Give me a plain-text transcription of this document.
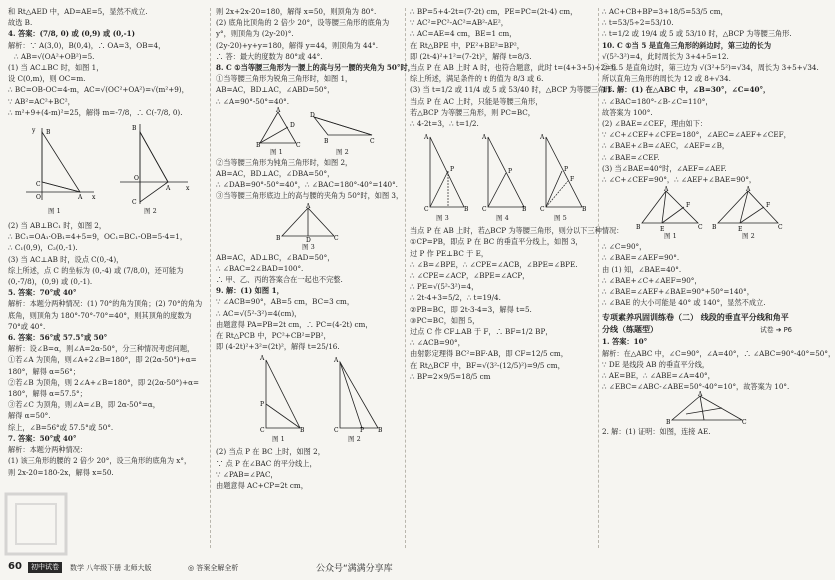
和 Rt△AED 中，AD=AE=5，显然不成立.
故选 B.
4. 答案：(7/8, 0) 或 (0,9) 或 (0,-1)
解析：∵ A(3,0)，B(0,4)，∴ OA=3，OB=4，
∴ AB=√(OA²+OB²)=5.
(1) 当 AC⊥BC 时，如图 1，
设 C(0,m)，则 OC=m.
∴ BC=OB-OC=4-m，AC=√(OC²+OA²)=√(m²+9)，
∵ AB²=AC²+BC²，
∴ m²+9+(4-m)²=25，解得 m=-7/8，∴ C(-7/8, 0).
y
C
O	A
B
x
B
O
A
C
x
图 1	图 2
(2) 当 AB⊥BC₁ 时，如图 2，
∴ BC₁=OA₁·OB₁=4+5=9，OC₁=BC₁-OB=5-4=1，
∴ C₁(0,9)，C₂(0,-1).
(3) 当 AC⊥AB 时，设点 C(0,-4)，
综上所述，点 C 的坐标为 (0,-4) 或 (7/8,0)，还可能为
(0,-7/8)，(0,9) 或 (0,-1).
5. 答案：70°或 40°
解析：本题分两种情况：(1) 70°的角为顶角；(2) 70°的角为
底角，则顶角为 180°-70°-70°=40°，则其顶角的度数为
70°或 40°.
6. 答案：56°或 57.5°或 50°
解析：设∠B=α，则∠A=2α-50°，分三种情况考虑问题，
①若∠A 为顶角，则∠A+2∠B=180°，即 2(2α-50°)+α=
180°，解得 α=56°；
②若∠B 为顶角，则 2∠A+∠B=180°，即 2(2α-50°)+α=
180°，解得 α=57.5°；
③若∠C 为顶角，则∠A=∠B，即 2α-50°=α，
解得 α=50°.
综上，∠B=56°或 57.5°或 50°.
7. 答案：50°或 40°
解析：本题分两种情况：
(1) 该三角形的腰的 2 倍少 20°，设三角形的底角为 x°，
则 2x-20=180-2x，解得 x=50.
则 2x+2x-20=180，解得 x=50，则顶角为 80°.
(2) 底角比顶角的 2 倍少 20°，设等腰三角形的底角为
y°，则顶角为 (2y-20)°.
(2y-20)+y+y=180，解得 y=44，则顶角为 44°.
∴ 答：最大的度数为 80°或 44°.
8. C ①当等腰三角形为一腰上的高与另一腰的夹角为 50°时，
①当等腰三角形为锐角三角形时，如图 1，
AB=AC，BD⊥AC，∠ABD=50°，
∴ ∠A=90°-50°=40°.
A
D
B	C
D
B	C
图 1	图 2
②当等腰三角形为钝角三角形时，如图 2，
AB=AC，BD⊥AC，∠DBA=50°，
∴ ∠DAB=90°-50°=40°，∴ ∠BAC=180°-40°=140°.
③当等腰三角形底边上的高与腰的夹角为 50°时，如图 3，
A
B	D	C
图 3
AB=AC，AD⊥BC，∠BAD=50°，
∴ ∠BAC=2∠BAD=100°.
∴ 甲、乙、丙的答案合在一起也不完整.
9. 解：(1) 如图 1，
∵ ∠ACB=90°，AB=5 cm，BC=3 cm，
∴ AC=√(5²-3²)=4(cm)，
由题意得 PA=PB=2t cm，∴ PC=(4-2t) cm，
在 Rt△PCB 中，PC²+CB²=PB²，
即 (4-2t)²+3²=(2t)²，解得 t=25/16.
A
P
C	B
A
C	P B
图 1	图 2
(2) 当点 P 在 BC 上时，如图 2，
∵ 点 P 在∠BAC 的平分线上，
∵ ∠PAB=∠PAC，
由题意得 AC+CP=2t cm，
∴ BP=5+4-2t=(7-2t) cm，PE=PC=(2t-4) cm，
∵ AC²=PC²-AC²=AB²-AE²，
∴ AC=AE=4 cm，BE=1 cm，
在 Rt△BPE 中，PE²+BE²=BP²，
即 (2t-4)²+1²=(7-2t)²，解得 t=8/3.
当点 P 在 AB 上时 A 时，也符合题意，此时 t=(4+3+5)÷2=6.
综上所述，满足条件的 t 的值为 8/3 或 6.
(3) 当 t=1/2 或 11/4 或 5 或 53/40 时，△BCP 为等腰三角形.
当点 P 在 AC 上时，只能是等腰三角形，
若△BCP 为等腰三角形，则 PC=BC，
∴ 4-2t=3，∴ t=1/2.
A
P
C	B
A
P
C	B
A
P
F
C	B
图 3	图 4	图 5
当点 P 在 AB 上时，若△BCP 为等腰三角形，则分以下三种情况：
①CP=PB，即点 P 在 BC 的垂直平分线上，如图 3，
过 P 作 PE⊥BC 于 E，
∴ ∠B=∠BPE，∴ ∠CPE=∠ACB，∠BPE=∠BPE.
∴ ∠CPE=∠ACP，∠BPE=∠ACP，
∴ PE=√(5²-3²)=4，
∴ 2t-4+3=5/2，∴ t=19/4.
②PB=BC，即 2t-3-4=3，解得 t=5.
③PC=BC，如图 5，
过点 C 作 CF⊥AB 于 F，∴ BF=1/2 BP，
∴ ∠ACB=90°，
由射影定理得 BC²=BF·AB，即 CF=12/5 cm，
在 Rt△BCF 中，BF=√(3²-(12/5)²)=9/5 cm，
∴ BP=2×9/5=18/5 cm
∴ AC+CB+BP=3+18/5=53/5 cm，
∴ t=53/5÷2=53/10.
∴ t=1/2 或 19/4 或 5 或 53/10 时，△BCP 为等腰三角形.
10. C ①当 5 是直角三角形的斜边时，第三边的长为
√(5²-3²)=4，此时周长为 3+4+5=12.
②当 5 是直角边时，第三边为 √(3²+5²)=√34，周长为 3+5+√34.
所以直角三角形的周长为 12 或 8+√34.
11. 解：(1) 在△ABC 中，∠B=30°，∠C=40°，
∴ ∠BAC=180°-∠B-∠C=110°，
故答案为 100°.
(2) ∠BAE=∠CEF，理由如下：
∵ ∠C+∠CEF+∠CFE=180°，∠AEC=∠AEF+∠CEF，
∴ ∠BAE+∠B=∠AEC，∠AEF=∠B，
∴ ∠BAE=∠CEF.
(3) 当∠BAE=40°时，∠AEF=∠AEF.
∴ ∠C+∠CEF=90°，∴ ∠AEF+∠BAE=90°，
A
B	E	C
F
A
B	E	C
F
图 1	图 2
∴ ∠C=90°，
∴ ∠BAE=∠AEF=90°.
由 (1) 知，∠BAE=40°.
∴ ∠BAE+∠C+∠AEF=90°，
∴ ∠BAE=∠AEF+∠BAE=90°+50°=140°，
∴ ∠BAE 的大小可能是 40° 或 140°，显然不成立.
专项素养巩固训练卷（二） 线段的垂直平分线和角平
分线（练题型）	试卷 ➔ P6
1. 答案：10°
解析：在△ABC 中，∠C=90°，∠A=40°，∴ ∠ABC=90°-40°=50°，
∵ DE 是线段 AB 的垂直平分线，
∴ AE=BE，∴ ∠ABE=∠A=40°，
∴ ∠EBC=∠ABC-∠ABE=50°-40°=10°，故答案为 10°.
A
B	C
2. 解：(1) 证明：如图，连接 AE.
60	初中试卷	数学 八年级下册 北师大版	◎ 答案全解全析	公众号“满满分享库
